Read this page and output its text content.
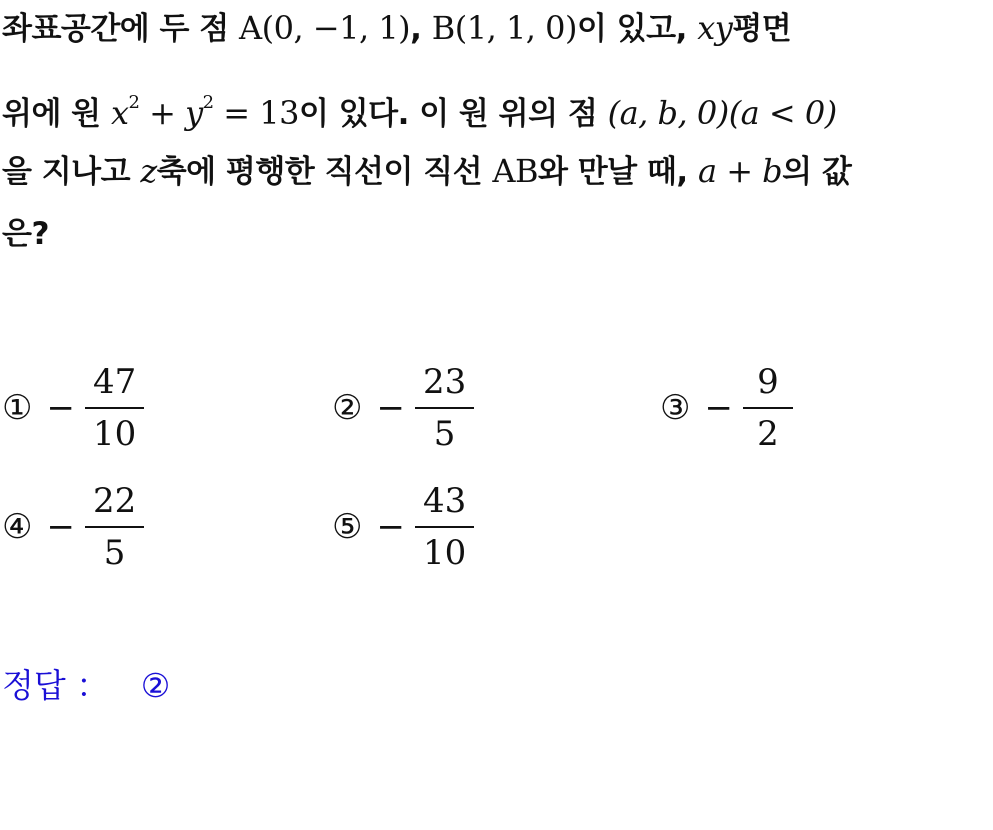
좌표공간에 두 점 A(0, −1, 1), B(1, 1, 0)이 있고, xy평면
위에 원 $x^2 + y^2 = 13$이 있다. 이 원 위의 점 (a, b, 0)(a < 0)
을 지나고 z축에 평행한 직선이 직선 AB와 만날 때, a + b의 값
은?
① − $\frac{47}{10}$	② − $\frac{23}{5}$	③ − $\frac{9}{2}$
④ − $\frac{22}{5}$	⑤ − $\frac{43}{10}$
정답 ： ②
